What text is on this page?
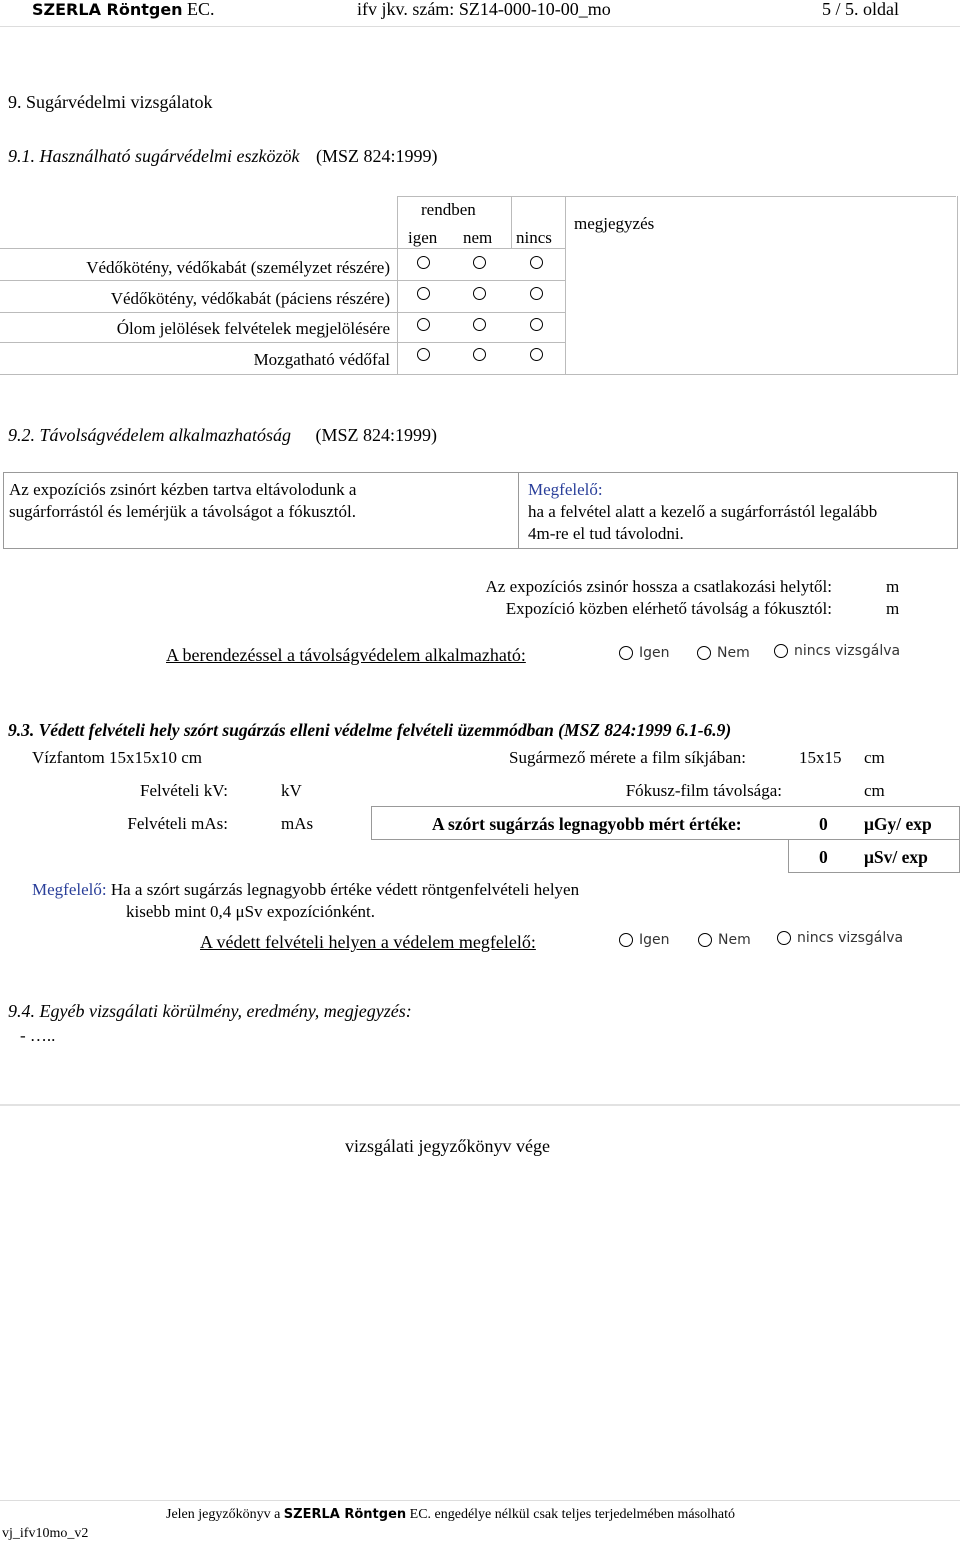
SZERLA Röntgen EC.	ifv jkv. szám: SZ14-000-10-00_mo	5 / 5. oldal
9. Sugárvédelmi vizsgálatok
9.1. Használható sugárvédelmi eszközök (MSZ 824:1999)
rendben
igen nem nincs
megjegyzés
Védőkötény, védőkabát (személyzet részére)
Védőkötény, védőkabát (páciens részére)
Ólom jelölések felvételek megjelölésére
Mozgatható védőfal
9.2. Távolságvédelem alkalmazhatóság (MSZ 824:1999)
Az expozíciós zsinórt kézben tartva eltávolodunk a
sugárforrástól és lemérjük a távolságot a fókusztól.
Megfelelő:
ha a felvétel alatt a kezelő a sugárforrástól legalább
4m-re el tud távolodni.
Az expozíciós zsinór hossza a csatlakozási helytől:	m
Expozíció közben elérhető távolság a fókusztól:	m
A berendezéssel a távolságvédelem alkalmazható:	Igen	Nem	nincs vizsgálva
9.3. Védett felvételi hely szórt sugárzás elleni védelme felvételi üzemmódban (MSZ 824:1999 6.1-6.9)
Vízfantom 15x15x10 cm	Sugármező mérete a film síkjában:	15x15 cm
Felvételi kV:	kV	Fókusz-film távolsága:	cm
Felvételi mAs:	mAs	A szórt sugárzás legnagyobb mért értéke:	0 μGy/ exp
0 μSv/ exp
Megfelelő: Ha a szórt sugárzás legnagyobb értéke védett röntgenfelvételi helyen
kisebb mint 0,4 μSv expozíciónként.
A védett felvételi helyen a védelem megfelelő:	Igen	Nem	nincs vizsgálva
9.4. Egyéb vizsgálati körülmény, eredmény, megjegyzés:
- …..
vizsgálati jegyzőkönyv vége
vj_ifv10mo_v2
Jelen jegyzőkönyv a SZERLA Röntgen EC. engedélye nélkül csak teljes terjedelmében másolható
